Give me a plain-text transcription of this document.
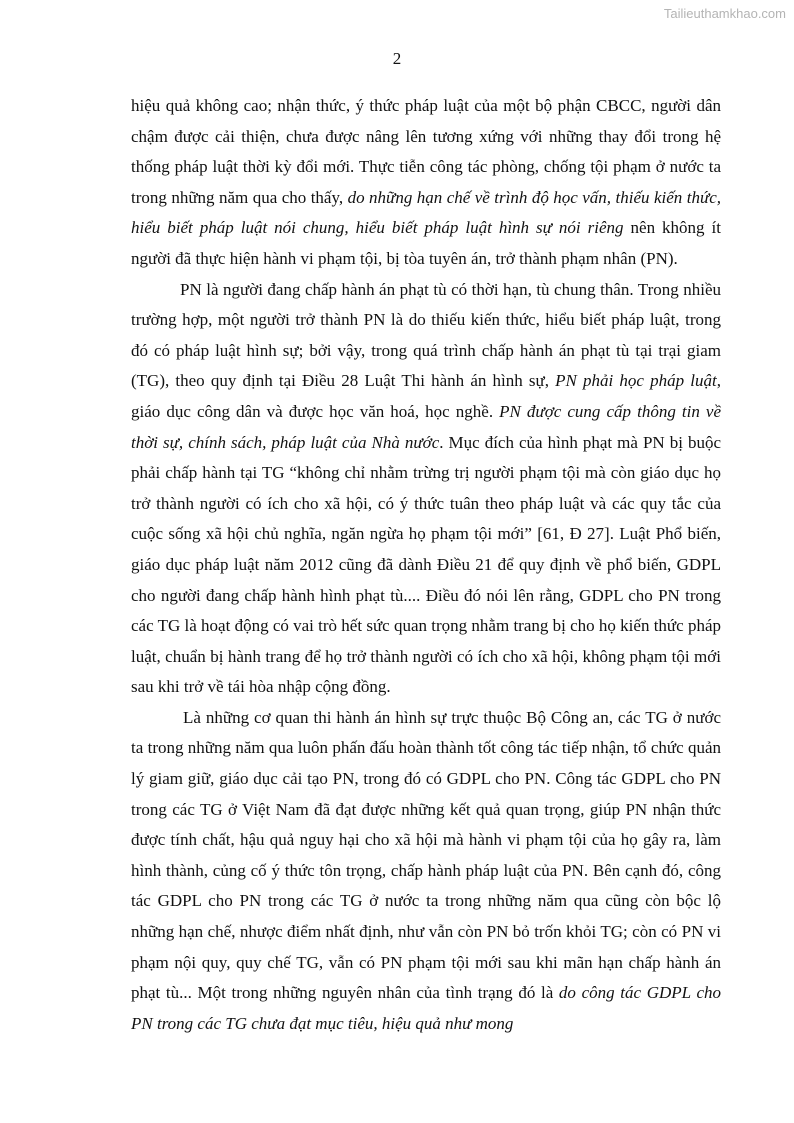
Tailieuthamkhao.com
2

hiệu quả không cao; nhận thức, ý thức pháp luật của một bộ phận CBCC, người dân chậm được cải thiện, chưa được nâng lên tương xứng với những thay đổi trong hệ thống pháp luật thời kỳ đổi mới. Thực tiễn công tác phòng, chống tội phạm ở nước ta trong những năm qua cho thấy, do những hạn chế về trình độ học vấn, thiếu kiến thức, hiểu biết pháp luật nói chung, hiểu biết pháp luật hình sự nói riêng nên không ít người đã thực hiện hành vi phạm tội, bị tòa tuyên án, trở thành phạm nhân (PN).

PN là người đang chấp hành án phạt tù có thời hạn, tù chung thân. Trong nhiều trường hợp, một người trở thành PN là do thiếu kiến thức, hiểu biết pháp luật, trong đó có pháp luật hình sự; bởi vậy, trong quá trình chấp hành án phạt tù tại trại giam (TG), theo quy định tại Điều 28 Luật Thi hành án hình sự, PN phải học pháp luật, giáo dục công dân và được học văn hoá, học nghề. PN được cung cấp thông tin về thời sự, chính sách, pháp luật của Nhà nước. Mục đích của hình phạt mà PN bị buộc phải chấp hành tại TG “không chỉ nhằm trừng trị người phạm tội mà còn giáo dục họ trở thành người có ích cho xã hội, có ý thức tuân theo pháp luật và các quy tắc của cuộc sống xã hội chủ nghĩa, ngăn ngừa họ phạm tội mới” [61, Đ 27]. Luật Phổ biến, giáo dục pháp luật năm 2012 cũng đã dành Điều 21 để quy định về phổ biến, GDPL cho người đang chấp hành hình phạt tù.... Điều đó nói lên rằng, GDPL cho PN trong các TG là hoạt động có vai trò hết sức quan trọng nhằm trang bị cho họ kiến thức pháp luật, chuẩn bị hành trang để họ trở thành người có ích cho xã hội, không phạm tội mới sau khi trở về tái hòa nhập cộng đồng.

Là những cơ quan thi hành án hình sự trực thuộc Bộ Công an, các TG ở nước ta trong những năm qua luôn phấn đấu hoàn thành tốt công tác tiếp nhận, tổ chức quản lý giam giữ, giáo dục cải tạo PN, trong đó có GDPL cho PN. Công tác GDPL cho PN trong các TG ở Việt Nam đã đạt được những kết quả quan trọng, giúp PN nhận thức được tính chất, hậu quả nguy hại cho xã hội mà hành vi phạm tội của họ gây ra, làm hình thành, củng cố ý thức tôn trọng, chấp hành pháp luật của PN. Bên cạnh đó, công tác GDPL cho PN trong các TG ở nước ta trong những năm qua cũng còn bộc lộ những hạn chế, nhược điểm nhất định, như vẫn còn PN bỏ trốn khỏi TG; còn có PN vi phạm nội quy, quy chế TG, vẫn có PN phạm tội mới sau khi mãn hạn chấp hành án phạt tù... Một trong những nguyên nhân của tình trạng đó là do công tác GDPL cho PN trong các TG chưa đạt mục tiêu, hiệu quả như mong
